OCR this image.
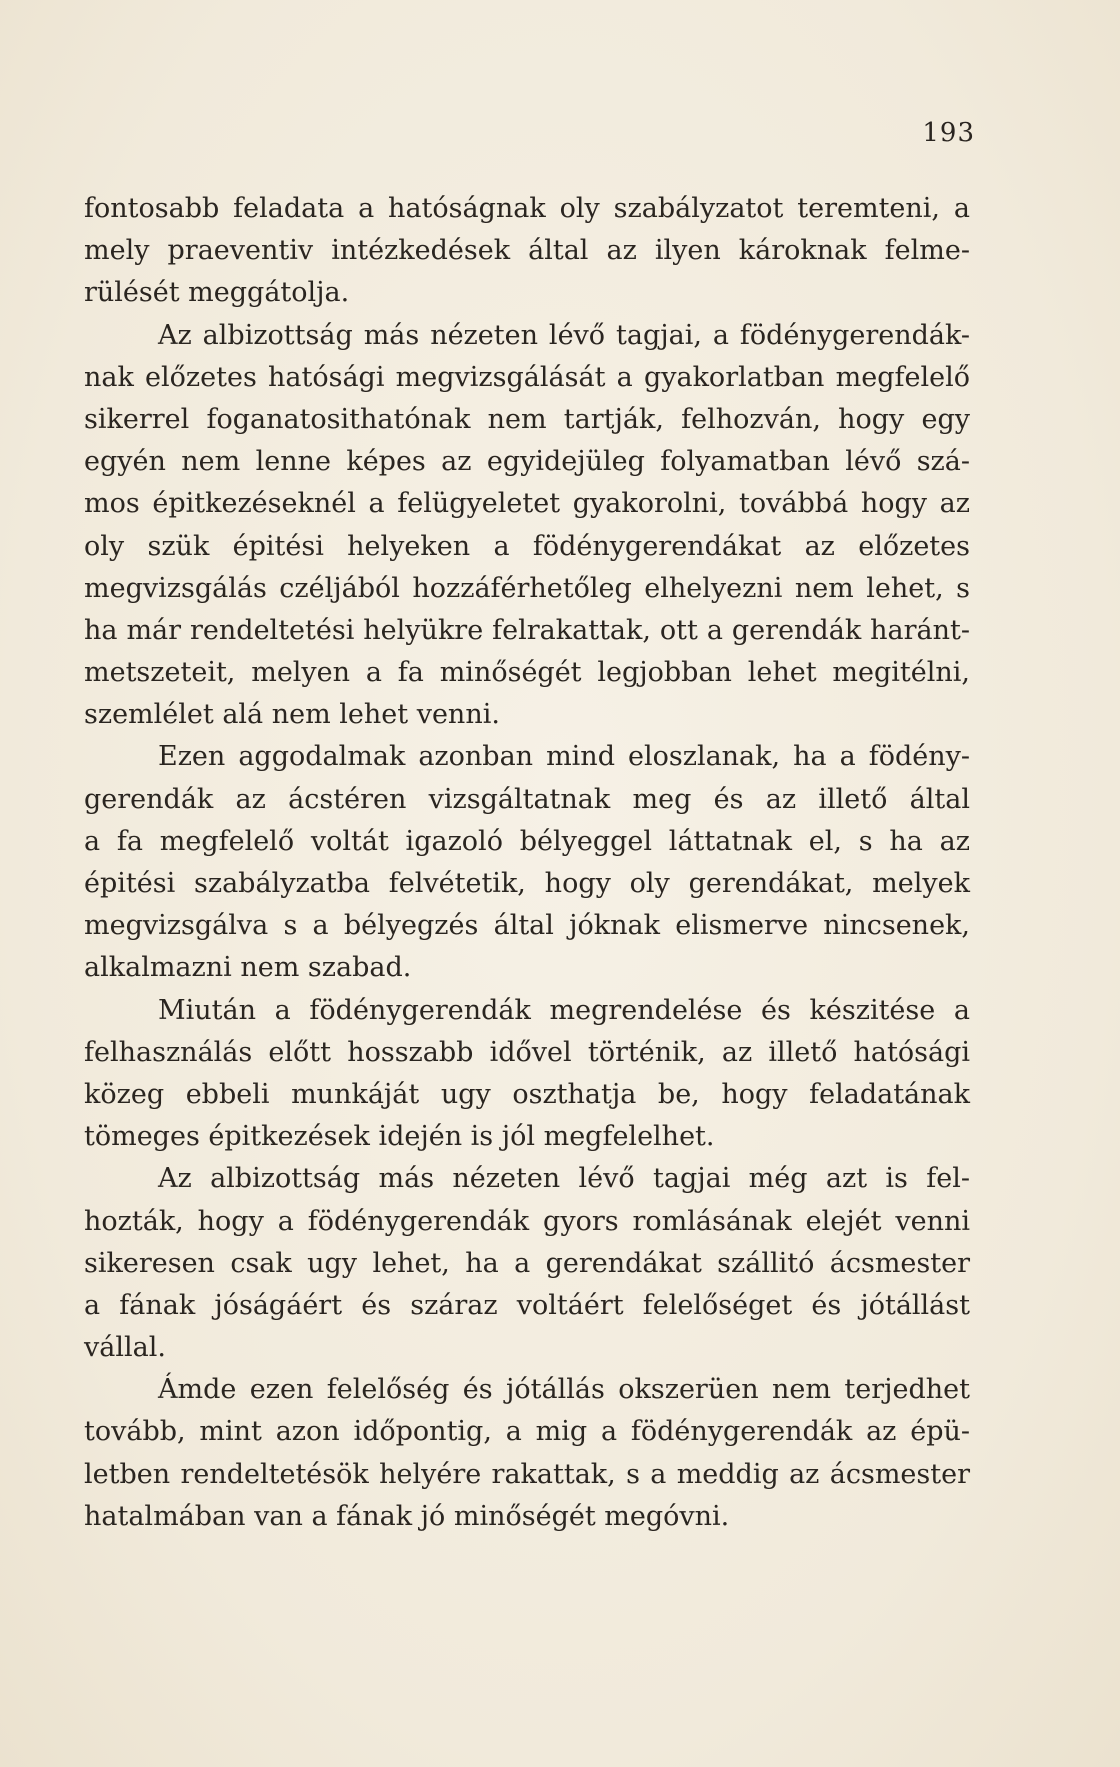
193
fontosabb feladata a hatóságnak oly szabályzatot teremteni, a
mely praeventiv intézkedések által az ilyen károknak felme-
rülését meggátolja.
Az albizottság más nézeten lévő tagjai, a födénygerendák-
nak előzetes hatósági megvizsgálását a gyakorlatban megfelelő
sikerrel foganatosithatónak nem tartják, felhozván, hogy egy
egyén nem lenne képes az egyidejüleg folyamatban lévő szá-
mos épitkezéseknél a felügyeletet gyakorolni, továbbá hogy az
oly szük épitési helyeken a födénygerendákat az előzetes
megvizsgálás czéljából hozzáférhetőleg elhelyezni nem lehet, s
ha már rendeltetési helyükre felrakattak, ott a gerendák haránt-
metszeteit, melyen a fa minőségét legjobban lehet megitélni,
szemlélet alá nem lehet venni.
Ezen aggodalmak azonban mind eloszlanak, ha a födény-
gerendák az ácstéren vizsgáltatnak meg és az illető által
a fa megfelelő voltát igazoló bélyeggel láttatnak el, s ha az
épitési szabályzatba felvétetik, hogy oly gerendákat, melyek
megvizsgálva s a bélyegzés által jóknak elismerve nincsenek,
alkalmazni nem szabad.
Miután a födénygerendák megrendelése és készitése a
felhasználás előtt hosszabb idővel történik, az illető hatósági
közeg ebbeli munkáját ugy oszthatja be, hogy feladatának
tömeges épitkezések idején is jól megfelelhet.
Az albizottság más nézeten lévő tagjai még azt is fel-
hozták, hogy a födénygerendák gyors romlásának elejét venni
sikeresen csak ugy lehet, ha a gerendákat szállitó ácsmester
a fának jóságáért és száraz voltáért felelőséget és jótállást
vállal.
Ámde ezen felelőség és jótállás okszerüen nem terjedhet
tovább, mint azon időpontig, a mig a födénygerendák az épü-
letben rendeltetésök helyére rakattak, s a meddig az ácsmester
hatalmában van a fának jó minőségét megóvni.
